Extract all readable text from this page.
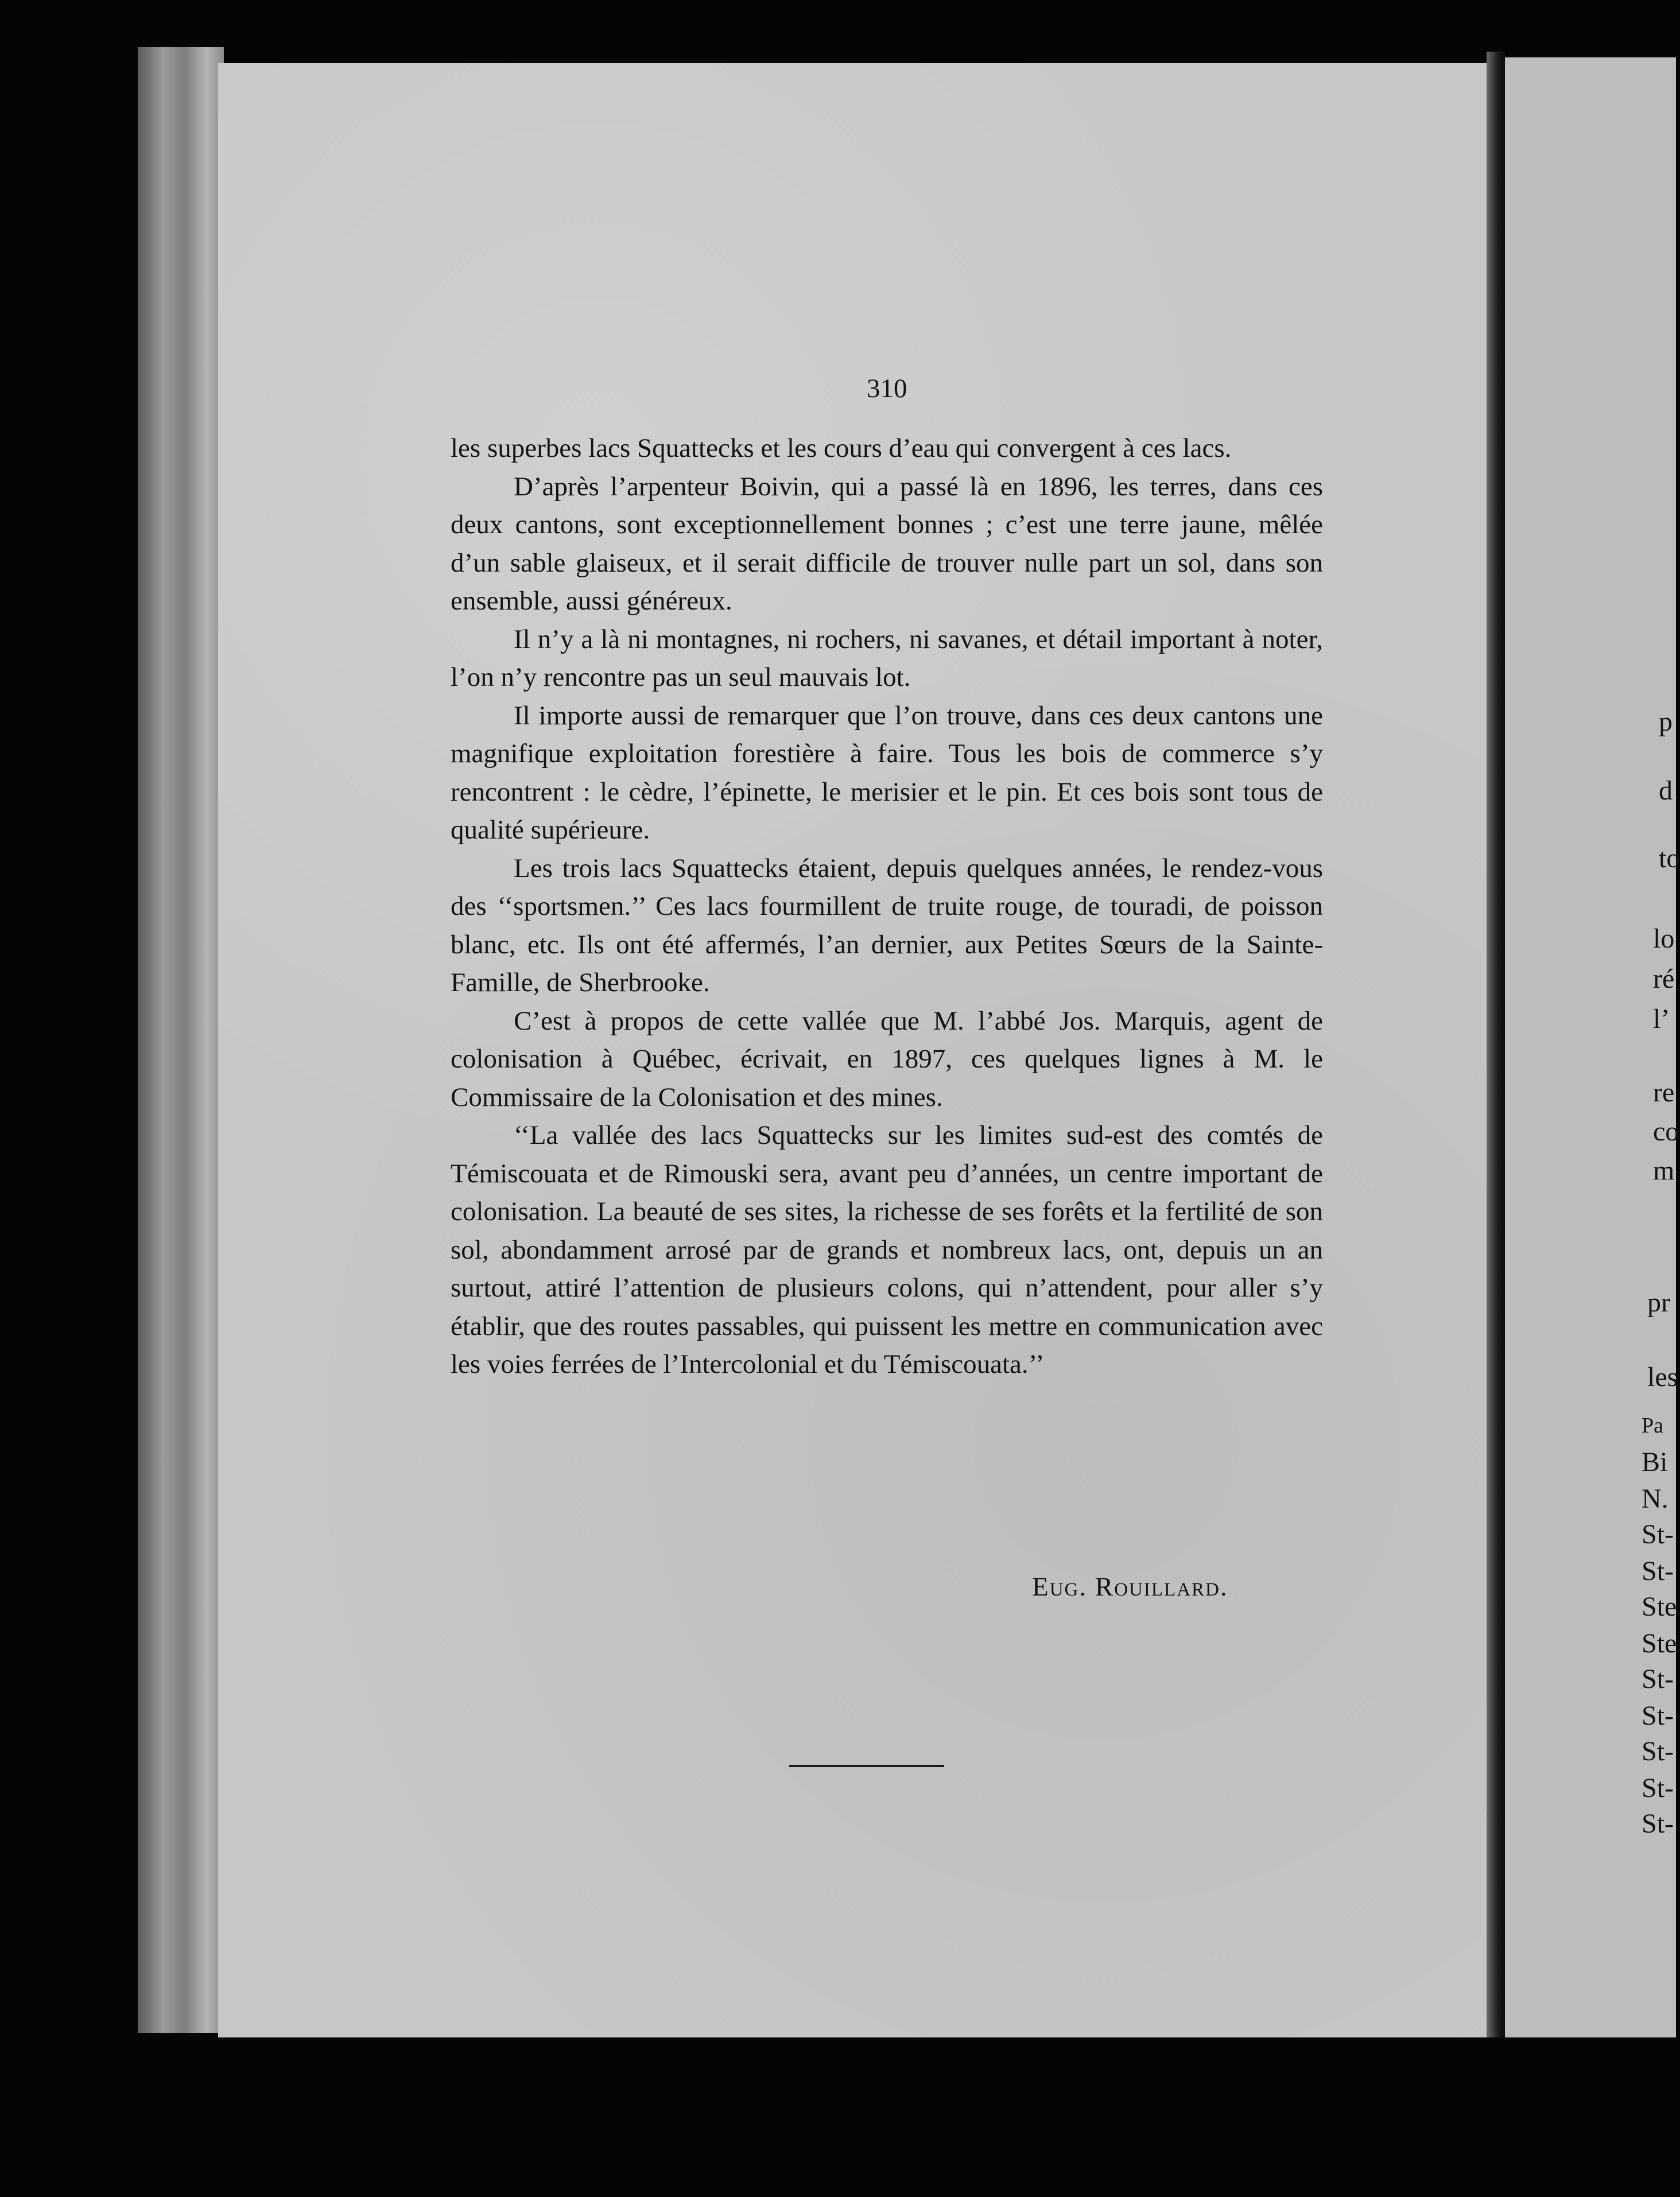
310

les superbes lacs Squattecks et les cours d’eau qui convergent à ces lacs.

D’après l’arpenteur Boivin, qui a passé là en 1896, les terres, dans ces deux cantons, sont exceptionnellement bonnes ; c’est une terre jaune, mêlée d’un sable glaiseux, et il serait difficile de trouver nulle part un sol, dans son ensemble, aussi généreux.

Il n’y a là ni montagnes, ni rochers, ni savanes, et détail important à noter, l’on n’y rencontre pas un seul mauvais lot.

Il importe aussi de remarquer que l’on trouve, dans ces deux cantons une magnifique exploitation forestière à faire. Tous les bois de commerce s’y rencontrent : le cèdre, l’épinette, le merisier et le pin. Et ces bois sont tous de qualité supérieure.

Les trois lacs Squattecks étaient, depuis quelques années, le rendez-vous des ‘‘sportsmen.’’ Ces lacs fourmillent de truite rouge, de touradi, de poisson blanc, etc. Ils ont été affermés, l’an dernier, aux Petites Sœurs de la Sainte-Famille, de Sherbrooke.

C’est à propos de cette vallée que M. l’abbé Jos. Marquis, agent de colonisation à Québec, écrivait, en 1897, ces quelques lignes à M. le Commissaire de la Colonisation et des mines.

‘‘La vallée des lacs Squattecks sur les limites sud-est des comtés de Témiscouata et de Rimouski sera, avant peu d’années, un centre important de colonisation. La beauté de ses sites, la richesse de ses forêts et la fertilité de son sol, abondamment arrosé par de grands et nombreux lacs, ont, depuis un an surtout, attiré l’attention de plusieurs colons, qui n’attendent, pour aller s’y établir, que des routes passables, qui puissent les mettre en communication avec les voies ferrées de l’Intercolonial et du Témiscouata.’’

Eug. Rouillard.
p
d
to
lo
ré
l’
re
co
m
pr
les
Pa
Bi
N.
St-
St-
Ste
Ste
St-
St-
St-
St-
St-
